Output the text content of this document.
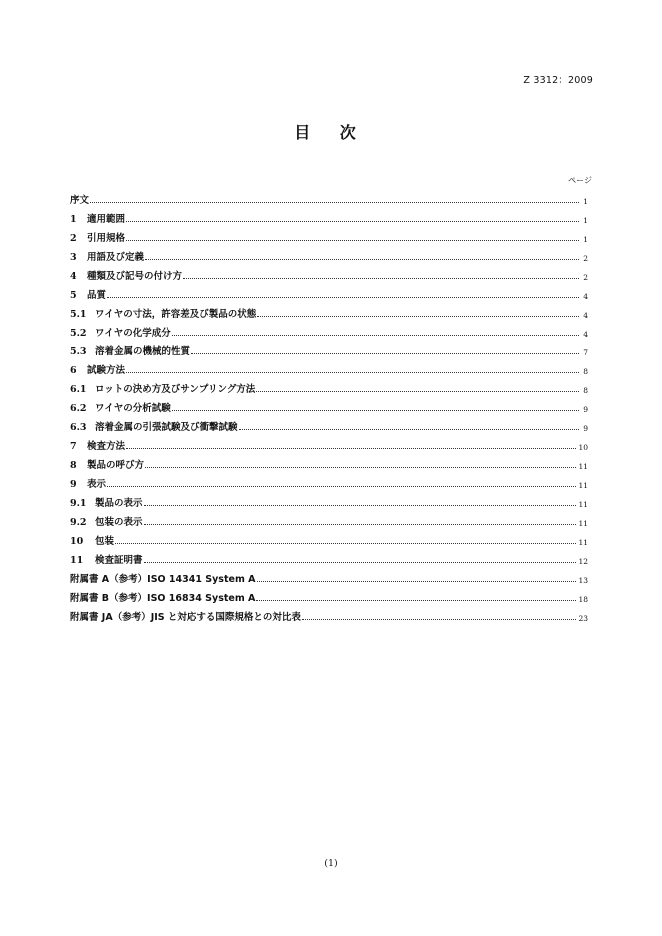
Z 3312：2009
目 次
ページ
序文	1
1	適用範囲	1
2	引用規格	1
3	用語及び定義	2
4	種類及び記号の付け方	2
5	品質	4
5.1 ワイヤの寸法，許容差及び製品の状態	4
5.2 ワイヤの化学成分	4
5.3 溶着金属の機械的性質	7
6	試験方法	8
6.1 ロットの決め方及びサンプリング方法	8
6.2 ワイヤの分析試験	9
6.3 溶着金属の引張試験及び衝撃試験	9
7	検査方法	10
8	製品の呼び方	11
9	表示	11
9.1 製品の表示	11
9.2 包装の表示	11
10	包装	11
11	検査証明書	12
附属書 A（参考）ISO 14341 System A	13
附属書 B（参考）ISO 16834 System A	18
附属書 JA（参考）JIS と対応する国際規格との対比表	23
(1)
